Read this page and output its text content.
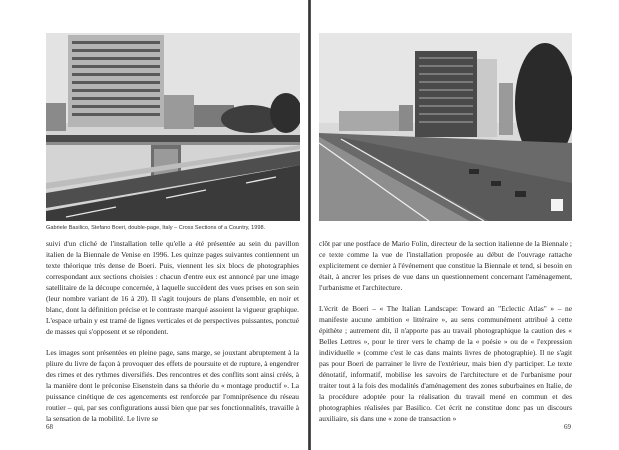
Gabriele Basilico, Stefano Boeri, double-page, Italy – Cross Sections of a Country, 1998.

suivi d'un cliché de l'installation telle qu'elle a été présentée au sein du pavillon italien de la Biennale de Venise en 1996. Les quinze pages suivantes contiennent un texte théorique très dense de Boeri. Puis, viennent les six blocs de photographies correspondant aux sections choisies : chacun d'entre eux est annoncé par une image satellitaire de la découpe concernée, à laquelle succèdent des vues prises en son sein (leur nombre variant de 16 à 20). Il s'agit toujours de plans d'ensemble, en noir et blanc, dont la définition précise et le contraste marqué assoient la vigueur graphique. L'espace urbain y est tramé de lignes verticales et de perspectives puissantes, ponctué de masses qui s'opposent et se répondent.

Les images sont présentées en pleine page, sans marge, se jouxtant abruptement à la pliure du livre de façon à provoquer des effets de poursuite et de rupture, à engendrer des rimes et des rythmes diversifiés. Des rencontres et des conflits sont ainsi créés, à la manière dont le préconise Eisenstein dans sa théorie du « montage productif ». La puissance cinétique de ces agencements est renforcée par l'omniprésence du réseau routier – qui, par ses configurations aussi bien que par ses fonctionnalités, travaille à la sensation de la mobilité. Le livre se

clôt par une postface de Mario Folin, directeur de la section italienne de la Biennale ; ce texte comme la vue de l'installation proposée au début de l'ouvrage rattache explicitement ce dernier à l'événement que constitue la Biennale et tend, si besoin en était, à ancrer les prises de vue dans un questionnement concernant l'aménagement, l'urbanisme et l'architecture.

L'écrit de Boeri – « The Italian Landscape: Toward an "Eclectic Atlas" » – ne manifeste aucune ambition « littéraire », au sens communément attribué à cette épithète ; autrement dit, il n'apporte pas au travail photographique la caution des « Belles Lettres », pour le tirer vers le champ de la « poésie » ou de « l'expression individuelle » (comme c'est le cas dans maints livres de photographie). Il ne s'agit pas pour Boeri de parrainer le livre de l'extérieur, mais bien d'y participer. Le texte dénotatif, informatif, mobilise les savoirs de l'architecture et de l'urbanisme pour traiter tout à la fois des modalités d'aménagement des zones suburbaines en Italie, de la procédure adoptée pour la réalisation du travail mené en commun et des photographies réalisées par Basilico. Cet écrit ne constitue donc pas un discours auxiliaire, sis dans une « zone de transaction »

68	69
